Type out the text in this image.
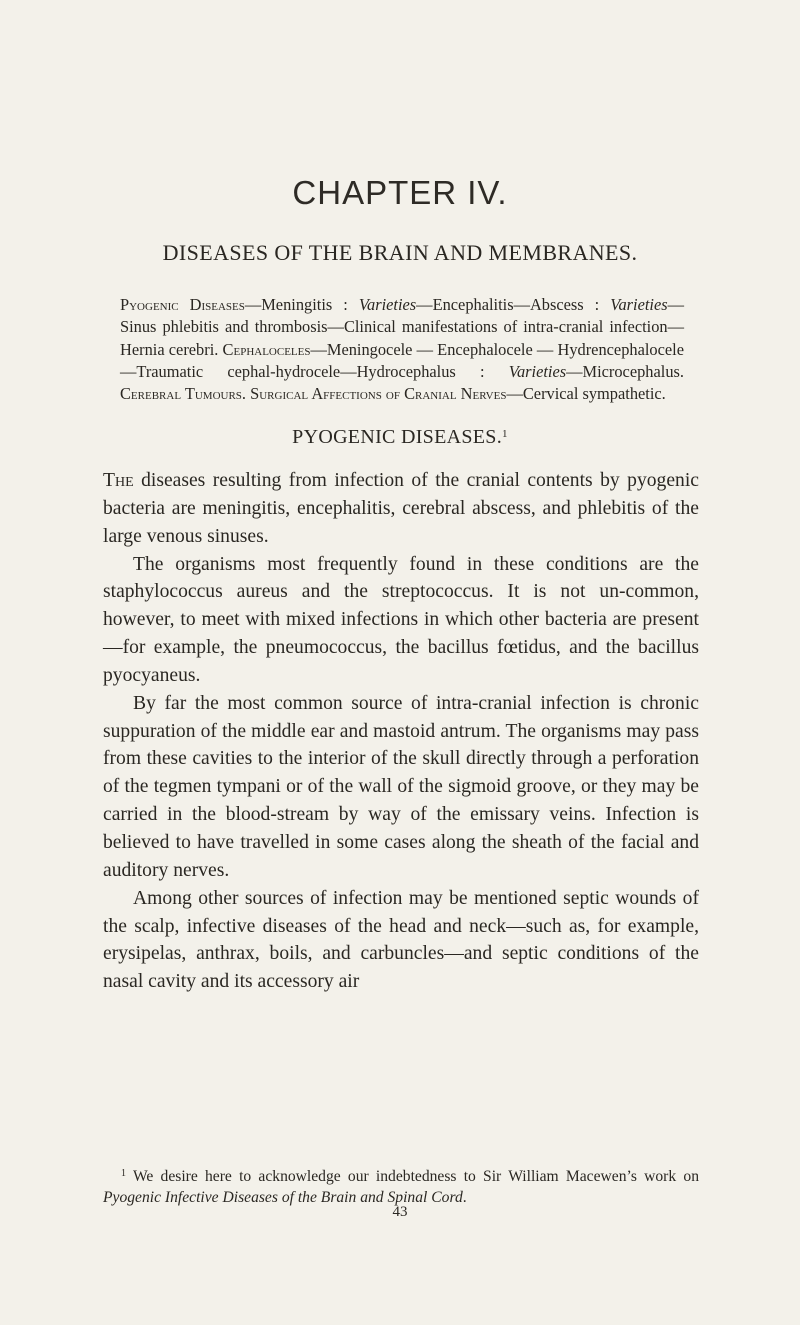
CHAPTER IV.
DISEASES OF THE BRAIN AND MEMBRANES.

Pyogenic Diseases—Meningitis : Varieties—Encephalitis—Abscess : Varieties—Sinus phlebitis and thrombosis—Clinical manifestations of intra-cranial infection—Hernia cerebri. Cephaloceles—Meningocele — Encephalocele — Hydrencephalocele —Traumatic cephal-hydrocele—Hydrocephalus : Varieties—Microcephalus. Cerebral Tumours. Surgical Affections of Cranial Nerves—Cervical sympathetic.

PYOGENIC DISEASES.$^1$

The diseases resulting from infection of the cranial contents by pyogenic bacteria are meningitis, encephalitis, cerebral abscess, and phlebitis of the large venous sinuses.

The organisms most frequently found in these conditions are the staphylococcus aureus and the streptococcus. It is not un-common, however, to meet with mixed infections in which other bacteria are present—for example, the pneumococcus, the bacillus fœtidus, and the bacillus pyocyaneus.

By far the most common source of intra-cranial infection is chronic suppuration of the middle ear and mastoid antrum. The organisms may pass from these cavities to the interior of the skull directly through a perforation of the tegmen tympani or of the wall of the sigmoid groove, or they may be carried in the blood-stream by way of the emissary veins. Infection is believed to have travelled in some cases along the sheath of the facial and auditory nerves.

Among other sources of infection may be mentioned septic wounds of the scalp, infective diseases of the head and neck—such as, for example, erysipelas, anthrax, boils, and carbuncles—and septic conditions of the nasal cavity and its accessory air

$^1$ We desire here to acknowledge our indebtedness to Sir William Macewen’s work on Pyogenic Infective Diseases of the Brain and Spinal Cord.

43
